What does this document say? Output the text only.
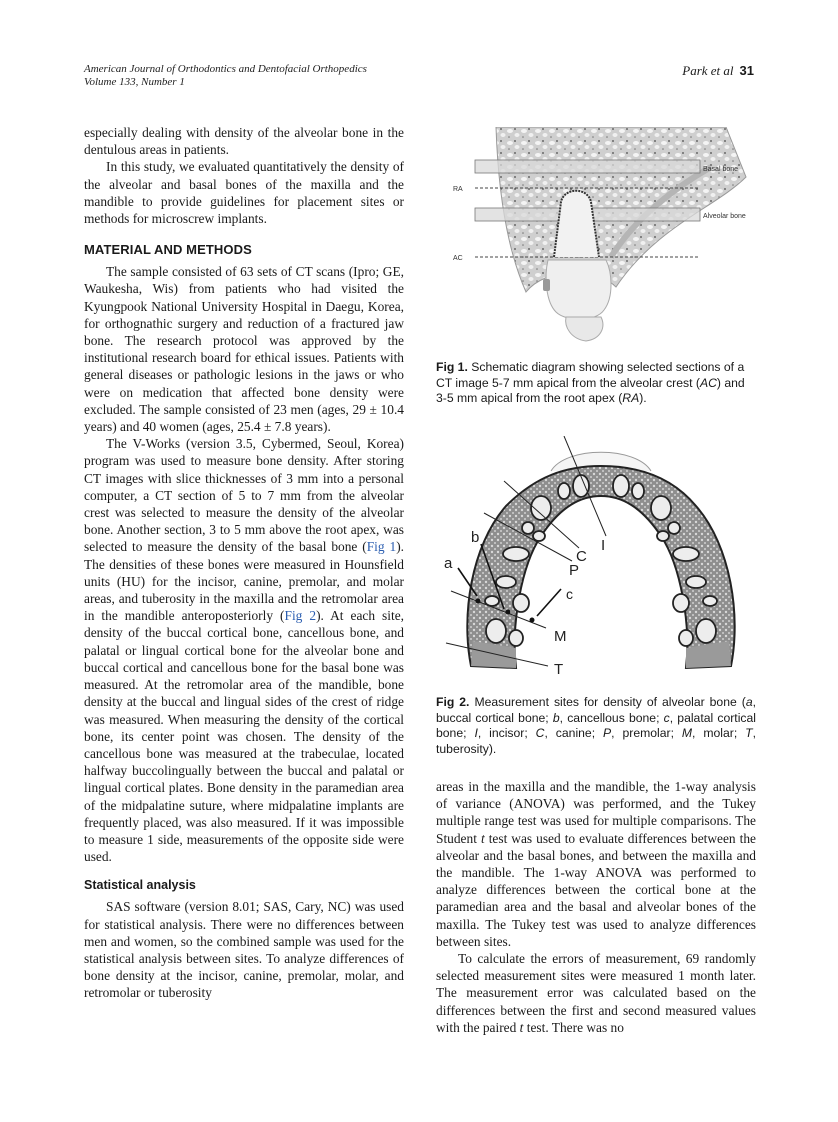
American Journal of Orthodontics and Dentofacial Orthopedics
Volume 133, Number 1
Park et al 31

especially dealing with density of the alveolar bone in the dentulous areas in patients.

In this study, we evaluated quantitatively the density of the alveolar and basal bones of the maxilla and the mandible to provide guidelines for placement sites or methods for microscrew implants.

MATERIAL AND METHODS

The sample consisted of 63 sets of CT scans (Ipro; GE, Waukesha, Wis) from patients who had visited the Kyungpook National University Hospital in Daegu, Korea, for orthognathic surgery and reduction of a fractured jaw bone. The research protocol was approved by the institutional research board for ethical issues. Patients with general diseases or pathologic lesions in the jaws or who were on medication that affected bone density were excluded. The sample consisted of 23 men (ages, 29 ± 10.4 years) and 40 women (ages, 25.4 ± 7.8 years).

The V-Works (version 3.5, Cybermed, Seoul, Korea) program was used to measure bone density. After storing CT images with slice thicknesses of 3 mm into a personal computer, a CT section of 5 to 7 mm from the alveolar crest was selected to measure the density of the alveolar bone. Another section, 3 to 5 mm above the root apex, was selected to measure the density of the basal bone (Fig 1). The densities of these bones were measured in Hounsfield units (HU) for the incisor, canine, premolar, and molar areas, and tuberosity in the maxilla and the retromolar area in the mandible anteroposteriorly (Fig 2). At each site, density of the buccal cortical bone, cancellous bone, and palatal or lingual cortical bone for the alveolar bone and buccal cortical and cancellous bone for the basal bone was measured. At the retromolar area of the mandible, bone density at the buccal and lingual sides of the crest of ridge was measured. When measuring the density of the cortical bone, its center point was chosen. The density of the cancellous bone was measured at the trabeculae, located halfway buccolingually between the buccal and palatal or lingual cortical plates. Bone density in the paramedian area of the midpalatine suture, where midpalatine implants are frequently placed, was also measured. If it was impossible to measure 1 side, measurements of the opposite side were used.

Statistical analysis

SAS software (version 8.01; SAS, Cary, NC) was used for statistical analysis. There were no differences between men and women, so the combined sample was used for the statistical analysis between sites. To analyze differences of bone density at the incisor, canine, premolar, molar, and retromolar or tuberosity

RA
AC
Basal bone
Alveolar bone
Fig 1. Schematic diagram showing selected sections of a CT image 5-7 mm apical from the alveolar crest (AC) and 3-5 mm apical from the root apex (RA).
I
C
P
c
b
a
M
T
Fig 2. Measurement sites for density of alveolar bone (a, buccal cortical bone; b, cancellous bone; c, palatal cortical bone; I, incisor; C, canine; P, premolar; M, molar; T, tuberosity).

areas in the maxilla and the mandible, the 1-way analysis of variance (ANOVA) was performed, and the Tukey multiple range test was used for multiple comparisons. The Student t test was used to evaluate differences between the alveolar and the basal bones, and between the maxilla and the mandible. The 1-way ANOVA was performed to analyze differences between the cortical bone at the paramedian area and the basal and alveolar bones of the maxilla. The Tukey test was used to analyze differences between sites.

To calculate the errors of measurement, 69 randomly selected measurement sites were measured 1 month later. The measurement error was calculated based on the differences between the first and second measured values with the paired t test. There was no
